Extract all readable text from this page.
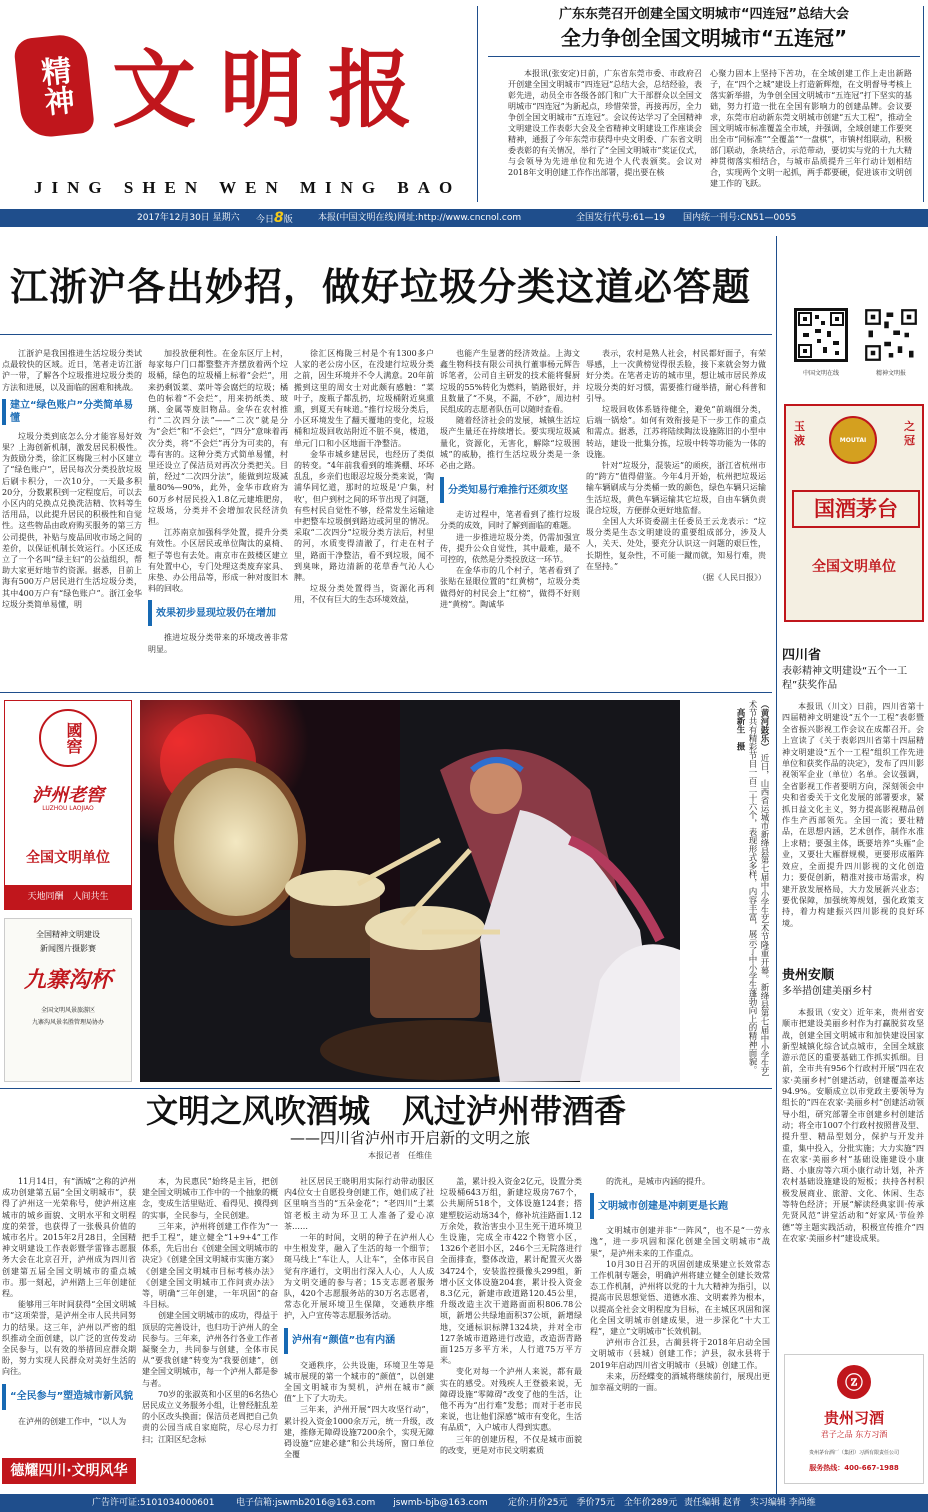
精神 文明报
JING SHEN WEN MING BAO
广东东莞召开创建全国文明城市“四连冠”总结大会
全力争创全国文明城市“五连冠”

本报讯(张安定)日前，广东省东莞市委、市政府召开创建全国文明城市“四连冠”总结大会，总结经验，表彰先进，动员全市各级各部门和广大干部群众以全国文明城市“四连冠”为新起点，珍惜荣誉，再接再厉，全力争创全国文明城市“五连冠”。会议传达学习了全国精神文明建设工作表彰大会及全省精神文明建设工作座谈会精神，通报了今年东莞市获得中央文明委、广东省文明委表彰的有关情况，举行了“全国文明城市”奖证仪式，与会领导为先进单位和先进个人代表颁奖。会议对2018年文明创建工作作出部署，提出要在核

心聚力固本上坚持下苦功，在全域创建工作上走出新路子，在“四个之城”建设上打造新辉煌，在文明督导考核上落实新举措，为争创全国文明城市“五连冠”打下坚实的基础，努力打造一批在全国有影响力的创建品牌。会议要求，东莞市启动新东莞文明城市创建“五大工程”，推动全国文明城市标准覆盖全市域，并强调，全域创建工作要突出全市“同标准”“全覆盖”“一盘棋”，市镇村组联动，积极部门联动，条块结合，示范带动，要切实与党的十九大精神贯彻落实相结合，与城市品质提升三年行动计划相结合，实现两个文明一起抓，两手都要硬，促进该市文明创建工作的飞跃。

2017年12月30日 星期六 今日8版	本报(中国文明在线)网址:http://www.cncnol.com	全国发行代号:61—19 国内统一刊号:CN51—0055
江浙沪各出妙招，做好垃圾分类这道必答题

江浙沪是我国推进生活垃圾分类试点最较快的区域。近日，笔者走访江浙沪一带，了解各个垃圾推进垃圾分类的方法和进展，以及面临的困难和挑战。

建立“绿色账户”分类简单易懂

垃圾分类到底怎么分才能容易好效果？上海创新机制，激发居民积极性。为鼓励分类，徐汇区梅陇三村小区建立了“绿色账户”，居民每次分类投放垃圾后刷卡积分，一次10分，一天最多积20分，分数累积到一定程度后，可以去小区内的兑换点兑换洗洁精、饮料等生活用品，以此提升居民的积极性和自觉性。这些物品由政府购买服务的第三方公司提供，补贴与废品回收市场之间的差价，以保证机制长效运行。小区还成立了一个名叫“绿主妇”的公益组织，帮助大家更好地节约资源。据悉，目前上海有500万户居民进行生活垃圾分类，其中400万户有“绿色账户”。浙江金华垃圾分类简单易懂，明

加投放便利性。在金东区厅上村，每家每户门口都整整齐齐摆放着两个垃圾桶，绿色的垃圾桶上标着“会烂”，用来扔剩饭菜、菜叶等会腐烂的垃圾；橘色的标着“不会烂”，用来扔纸类、玻璃、金属等废旧物品。金华在农村推行“二次四分法”——“二次”就是分为“会烂”和“不会烂”，“四分”意味着再次分类，将“不会烂”再分为可卖的，有毒有害的。这种分类方式简单易懂，村里还设立了保洁员对再次分类把关。目前，经过“二次四分法”，能做到垃圾减量80%—90%，此外，金华市政府为60万乡村居民投入1.8亿元建堆肥房，垃圾场，分类并不会增加农民经济负担。

江苏南京加强科学处置，提升分类有效性。小区居民或单位陶汰的桌椅、柜子等也有去处。南京市在鼓楼区建立有处置中心，专门处理这类废弃家具、床垫、办公用品等，形成一种对废旧木料的回收。

效果初步显现垃圾仍在增加

推进垃圾分类带来的环境改善非常明显。

徐汇区梅陇三村是个有1300多户人家的老公房小区，在没建行垃圾分类之前，因生环境并不令人满意。20年前搬到这里的周女士对此颇有感触：“菜叶子，废瓶子都乱扔，垃圾桶附近臭熏熏，到夏天有味道。”推行垃圾分类后，小区环境发生了翻天覆地的变化，垃圾桶和垃圾回收站附近不脏不臭，楼道，单元门口和小区地面干净整洁。

金华市城乡建居民，也经历了类似的转变。“4年前我看到的堆粪棚、坏坏乱乱，乡亲们也眼忍垃圾分类来说，‘陶浦华同忆道，那时的垃圾是‘户集，村收’，但户到村之间的环节出现了问题，有些村民自觉性不够，经常发生运输途中把整车垃圾倒到路边或河里的情况。采取“二次四分”垃圾分类方法后，村里的河，水质变得清澈了，行走在村子里，路面干净整洁，看不到垃圾，闻不到臭味，路边清新的花草香气沁人心脾。

垃圾分类处置得当，资源化再利用，不仅有巨大的生态环境效益，

也能产生显著的经济效益。上海文鑫生物科技有限公司执行董事杨元辉告诉笔者，公司自主研发的技术能将餐厨垃圾的55%转化为燃料，销路很好，并且数量了“不臭，不漏，不砂”，周边村民组成的志愿者队伍可以随时查看。

随着经济社会的发展，城镇生活垃圾产生量还在持续增长。要实现垃圾减量化，资源化，无害化，解除“垃圾围城”的威胁，推行生活垃圾分类是一条必由之路。

分类知易行难推行还须攻坚

走访过程中，笔者看到了推行垃圾分类的成效，同时了解到面临的难题。

进一步推进垃圾分类，仍需加强宣传，提升公众自觉性，其中最难，最不可控的，依然是分类投放这一环节。

在金华市的几个村子，笔者看到了张贴在显眼位置的“红黄榜”，垃圾分类做得好的村民会上“红榜”，做得不好则进“黄榜”。陶诚华

表示，农村是熟人社会，村民都好面子，有荣辱感，上一次黄榜觉得很丢脸，接下来就会努力做好分类。在笔者走访的城市里，想让城市居民养成垃圾分类的好习惯，需要推行碰举措，耐心科普和引导。

垃圾回收体系链待健全，避免“前端细分类，后端一锅烩”。如何有效衔接是下一步工作的重点和需点。据悉，江苏将陆续陶汰设施陈旧的小型中转站，建设一批集分拣，垃圾中转等功能为一体的设施。

针对“垃圾分，混装运”的顽疾，浙江省杭州市的“跨方”值得借鉴。今年4月开始，杭州把垃圾运输车辆刷成与分类桶一致的颜色，绿色车辆只运输生活垃圾，黄色车辆运输其它垃圾，自由车辆负责混合垃圾，方便群众更好地监督。

全国人大环资委副主任委员王云龙表示：“垃圾分类是生态文明建设的重要组成部分，涉及人人，关天、处处，要充分认识这一问题的艰巨性，长期性，复杂性，不可能一蹴而就，知易行难，贵在坚持。”

（据《人民日报》）

中国文明在线	精神文明报
玉液
之冠
MOUTAI
国酒茅台
全国文明单位
四川省
表彰精神文明建设“五个一工程”获奖作品

本报讯（川文）日前，四川省第十四届精神文明建设“五个一工程”表彰暨全省振兴影视工作会议在成都召开。会上宣读了《关于表彰四川省第十四届精神文明建设“五个一工程”组织工作先进单位和获奖作品的决定》，发布了四川影视领军企业（单位）名单。会议强调，全省影视工作者要明方向，深刻领会中央和省委关于文化发展的部署要求，紧抓日益文化主义，努力提高影视精品创作生产西部领先。全国一流；要壮精品，在思想内涵，艺术创作，制作水准上求精；要强主体，既要培养“头雁”企业，又要壮大雁群规模，更要形成雁阵效应，全面提升四川影视的文化创造力；要促创新，精准对接市场需求，构建开放发展格局，大力发展新兴业态；要优保障，加强统筹规划，强化政策支持，着力构建振兴四川影视的良好环境。

贵州安顺
多举措创建美丽乡村

本报讯（安文）近年来，贵州省安顺市把建设美丽乡村作为打赢脱贫攻坚战，创建全国文明城市和加快建设国家新型城镇化综合试点城市，全国全域旅游示范区的重要基础工作抓实抓细。目前，全市共有956个行政村开展“四在农家·美丽乡村”创建活动，创建覆盖率达94.9%。安顺成立以市党政主要领导为组长的“四在农家·美丽乡村”创建活动领导小组，研究部署全市创建乡村创建活动；将全市1007个行政村按照普及型、提升型、精品型划分，保护与开发并重，集中投入，分批实施；大力实施“四在农家·美丽乡村”基础设施建设小康路、小康房等六项小康行动计划，补齐农村基础设施建设的短板；扶持各村积极发展商业、旅游、文化、休闲、生态等特色经济；开展“解读经典家训·传承先贤风范”讲堂活动和“好家风·节俭养德”等主题实践活动，积极宣传推介“四在农家·美丽乡村”建设成果。

ⓩ
贵州习酒
君子之品 东方习酒
贵州茅台酒厂（集团）习酒有限责任公司
服务热线：400-667-1988
國窖
泸州老窖
LUZHOU LAOJIAO
全国文明单位
天地同酬　人间共生
全国精神文明建设
新闻图片摄影赛
九寨沟杯
全国文明风景旅游区
九寨沟风景名胜管理局协办
（黄河鼓乐） 近日，山西省运城市新绛县第七届中小学生艺术节隆重开幕。新绛县第七届中小学生艺术节共有精彩节目一百二十六个，表现形式多样，内容丰富，展示了中小学生蓬勃向上的精神面貌。
高新生　摄
文明之风吹酒城　风过泸州带酒香
——四川省泸州市开启新的文明之旅
本报记者　任维佳

11月14日，有“酒城”之称的泸州成功创建第五届“全国文明城市”，获得了泸州这一光荣称号，使泸州这座城市的城乡面貌、文明水平和文明程度的荣誉，也获得了一张极具价值的城市名片。2015年2月28日，全国精神文明建设工作表彰暨学雷锋志愿服务大会在北京召开，泸州成为四川省创建第五届全国文明城市的重点城市。那一刻起，泸州踏上三年创建征程。

能够用三年时间获得“全国文明城市”这项荣誉，是泸州全市人民共同努力的结果。这三年，泸州以严密的组织推动全面创建，以广泛的宣传发动全民参与，以有效的举措回应群众期盼，努力实现人民群众对美好生活的向往。

“全民参与”塑造城市新风貌

在泸州的创建工作中，“以人为

本，为民惠民”始终是主旨，把创建全国文明城市工作中的一个抽象的概念，变成生活里贴近、看得见、摸得到的实事，全民参与，全民创建。

三年来，泸州将创建工作作为“一把手工程”，建立健全“1+9+4”工作体系，先后出台《创建全国文明城市的决定》《创建全国文明城市实施方案》《创建全国文明城市目标考核办法》《创建全国文明城市工作问责办法》等，明确“三年创建，一年巩固”的奋斗目标。

创建全国文明城市的成功，得益于顶层的完善设计，也归功于泸州人的全民参与。三年来，泸州各行各业工作者凝聚全力，共同参与创建，全体市民从“要我创建”转变为“我要创建”，创建全国文明城市，每一个泸州人都是参与者。

70岁的张淑英和小区里的6名热心居民成立义务服务小组，让曾经脏乱差的小区改头换面；保洁员老周把自己负责的公园当成自家庭院，尽心尽力打扫；江阳区纪念标

社区居民王晓明用实际行动带动服区内4位女士自愿投身创建工作，她们成了社区里响当当的“五朵金花”；“老四川”土菜馆老板主动为环卫工人准备了爱心凉茶……

一年的时间，文明的种子在泸州人心中生根发芽，融入了生活的每一个细节；斑马线上“车让人，人让车”，全体市民自觉有序通行，文明出行深入人心，人人成为文明交通的参与者；15支志愿者服务队，420个志愿服务站的30万名志愿者，常态化开展环境卫生保障，交通秩序维护，入户宣传等志愿服务活动。

泸州有“颜值”也有内涵

交通秩序，公共设施，环境卫生等是城市展现的第一个城市的“颜值”，以创建全国文明城市为契机，泸州在城市“颜值”上下了大功夫。

三年来，泸州开展“四大攻坚行动”，累计投入资金1000余万元，统一升级，改建，推修无障碍设施7200余个，实现无障碍设施“应建必建”和公共场所，窗口单位全覆

盖，累计投入资金2亿元，设置分类垃圾桶643万组，新建垃圾房767个，公共厕所518个，文体设施124套；搭建塑胶运动场34个，修补坑洼路面1.12万余处，救治害虫小卫生死干道环境卫生设施，完成全市422个物管小区，1326个老旧小区，246个三无院落进行全面排查，整体改造，累计配置灭火器34724个，安装监控摄像头299组，新增小区文体设施204套，累计投入资金8.3亿元，新建市政道路120.45公里，升级改造主次干道路面面积806.78公顷，新增公共绿地面积37公顷，新增绿地，交通标识标牌1324块，并对全市127条城市道路进行改造，改造沥青路面125万多平方米，人行道75万平方米。

变化对每一个泸州人来说，都有最实在的感受。对残疾人王登毅来说，无障碍设施“零障碍”改变了他的生活，让他不再为“出行难”发愁；而对于老市民来说，也让他们深感“城市有变化，生活有品质”，入户城市人得到实惠。

三年的创建历程，不仅是城市面貌的改变，更是对市民文明素质

的洗礼，是城市内涵的提升。

文明城市创建是冲刺更是长跑

文明城市创建并非“一阵风”，也不是“一劳永逸”，进一步巩固和深化创建全国文明城市“战果”，是泸州未来的工作重点。

10月30日召开的巩固创建成果建立长效常态工作机制专题会，明确泸州将建立健全创建长效常态工作机制，泸州将以党的十九大精神为指引，以提高市民思想觉悟、道德水准、文明素养为根本，以提高全社会文明程度为目标，在主城区巩固和深化全国文明城市创建成果，进一步深化“十大工程”，建立“文明城市”长效机制。

泸州市合江县，古蔺县将于2018年启动全国文明城市（县城）创建工作；泸县，叙永县将于2019年启动四川省文明城市（县城）创建工作。

未来，历经蝶变的酒城将继续前行，展现出更加幸福文明的一面。

德耀四川·文明风华
广告许可证:5101034000601 电子信箱:jswmb2016@163.com　　jswmb-bjb@163.com 定价:月价25元　季价75元　全年价289元 责任编辑 赵青　实习编辑 李尚维
